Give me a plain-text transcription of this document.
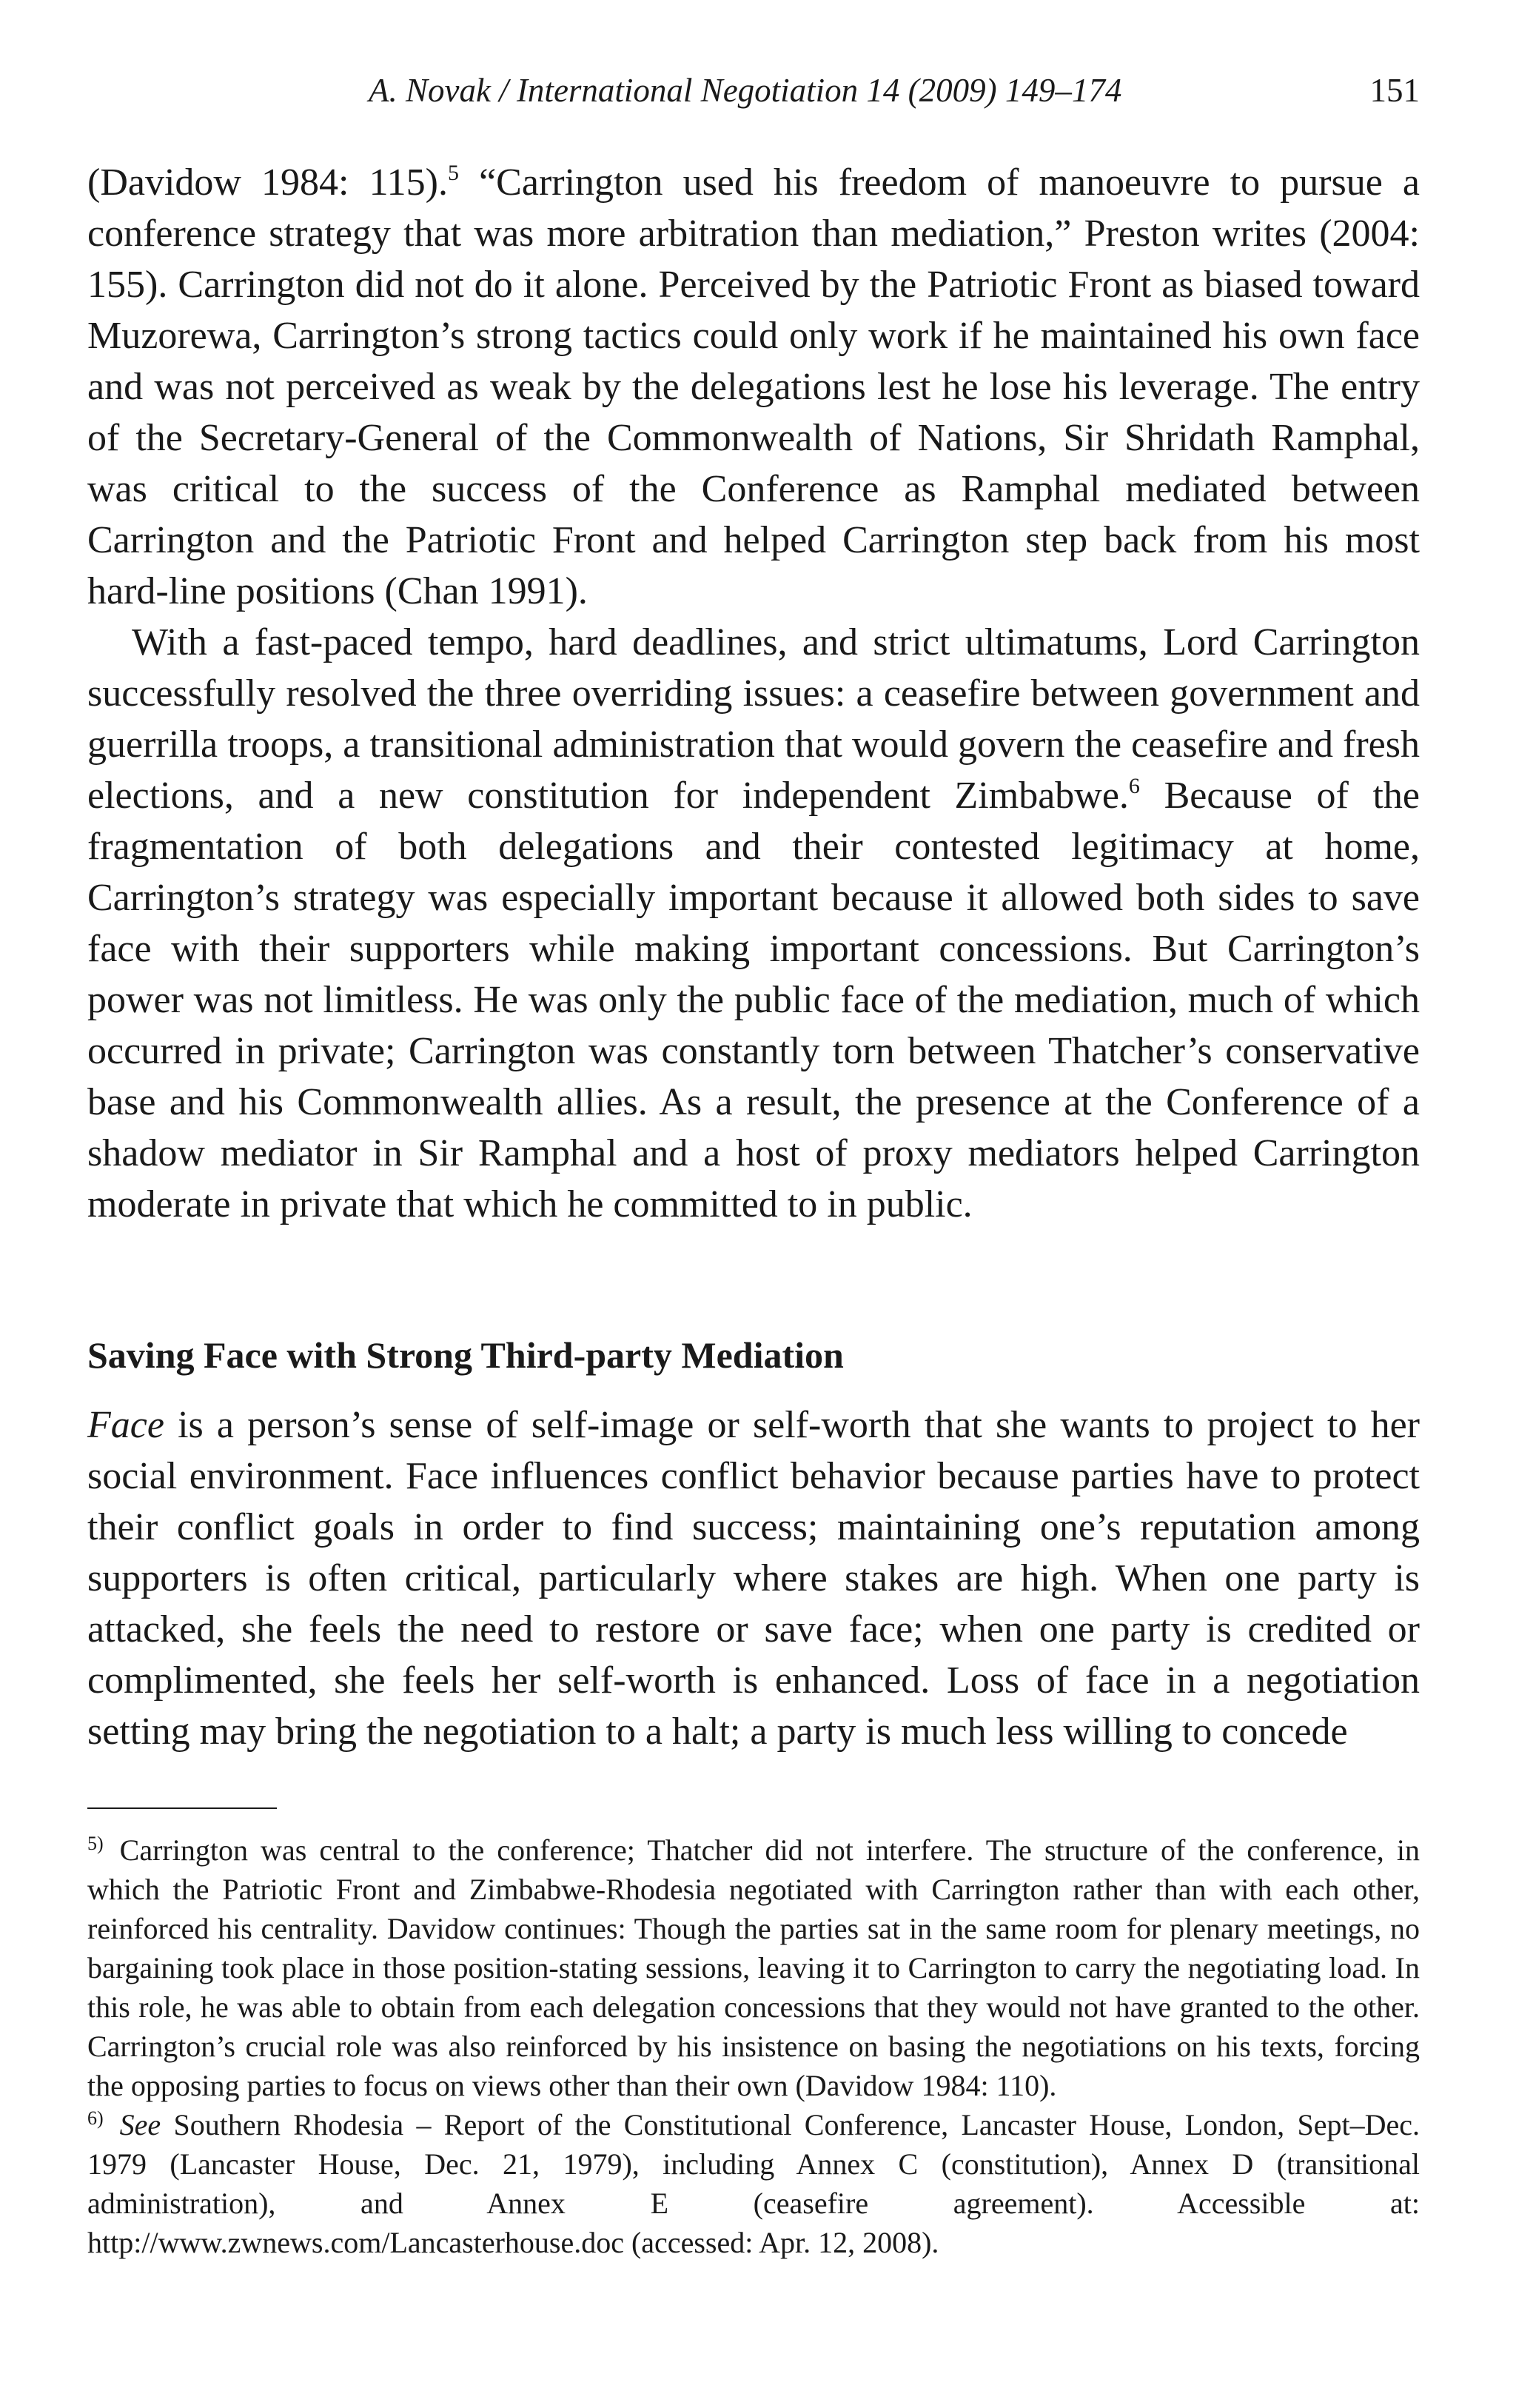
A. Novak / International Negotiation 14 (2009) 149–174	151

(Davidow 1984: 115).$^5$ “Carrington used his freedom of manoeuvre to pursue a conference strategy that was more arbitration than mediation,” Preston writes (2004: 155). Carrington did not do it alone. Perceived by the Patriotic Front as biased toward Muzorewa, Carrington’s strong tactics could only work if he maintained his own face and was not perceived as weak by the delegations lest he lose his leverage. The entry of the Secretary-General of the Commonwealth of Nations, Sir Shridath Ramphal, was critical to the success of the Conference as Ramphal mediated between Carrington and the Patriotic Front and helped Carrington step back from his most hard-line positions (Chan 1991).

With a fast-paced tempo, hard deadlines, and strict ultimatums, Lord Carrington successfully resolved the three overriding issues: a ceasefire between government and guerrilla troops, a transitional administration that would govern the ceasefire and fresh elections, and a new constitution for independent Zimbabwe.$^6$ Because of the fragmentation of both delegations and their contested legitimacy at home, Carrington’s strategy was especially important because it allowed both sides to save face with their supporters while making important concessions. But Carrington’s power was not limitless. He was only the public face of the mediation, much of which occurred in private; Carrington was constantly torn between Thatcher’s conservative base and his Commonwealth allies. As a result, the presence at the Conference of a shadow mediator in Sir Ramphal and a host of proxy mediators helped Carrington moderate in private that which he committed to in public.

Saving Face with Strong Third-party Mediation

Face is a person’s sense of self-image or self-worth that she wants to project to her social environment. Face influences conflict behavior because parties have to protect their conflict goals in order to find success; maintaining one’s reputation among supporters is often critical, particularly where stakes are high. When one party is attacked, she feels the need to restore or save face; when one party is credited or complimented, she feels her self-worth is enhanced. Loss of face in a negotiation setting may bring the negotiation to a halt; a party is much less willing to concede

$^{5)}$ Carrington was central to the conference; Thatcher did not interfere. The structure of the conference, in which the Patriotic Front and Zimbabwe-Rhodesia negotiated with Carrington rather than with each other, reinforced his centrality. Davidow continues: Though the parties sat in the same room for plenary meetings, no bargaining took place in those position-stating sessions, leaving it to Carrington to carry the negotiating load. In this role, he was able to obtain from each delegation concessions that they would not have granted to the other. Carrington’s crucial role was also reinforced by his insistence on basing the negotiations on his texts, forcing the opposing parties to focus on views other than their own (Davidow 1984: 110).

$^{6)}$ See Southern Rhodesia – Report of the Constitutional Conference, Lancaster House, London, Sept–Dec. 1979 (Lancaster House, Dec. 21, 1979), including Annex C (constitution), Annex D (transitional administration), and Annex E (ceasefire agreement). Accessible at: http://www.zwnews.com/Lancasterhouse.doc (accessed: Apr. 12, 2008).
